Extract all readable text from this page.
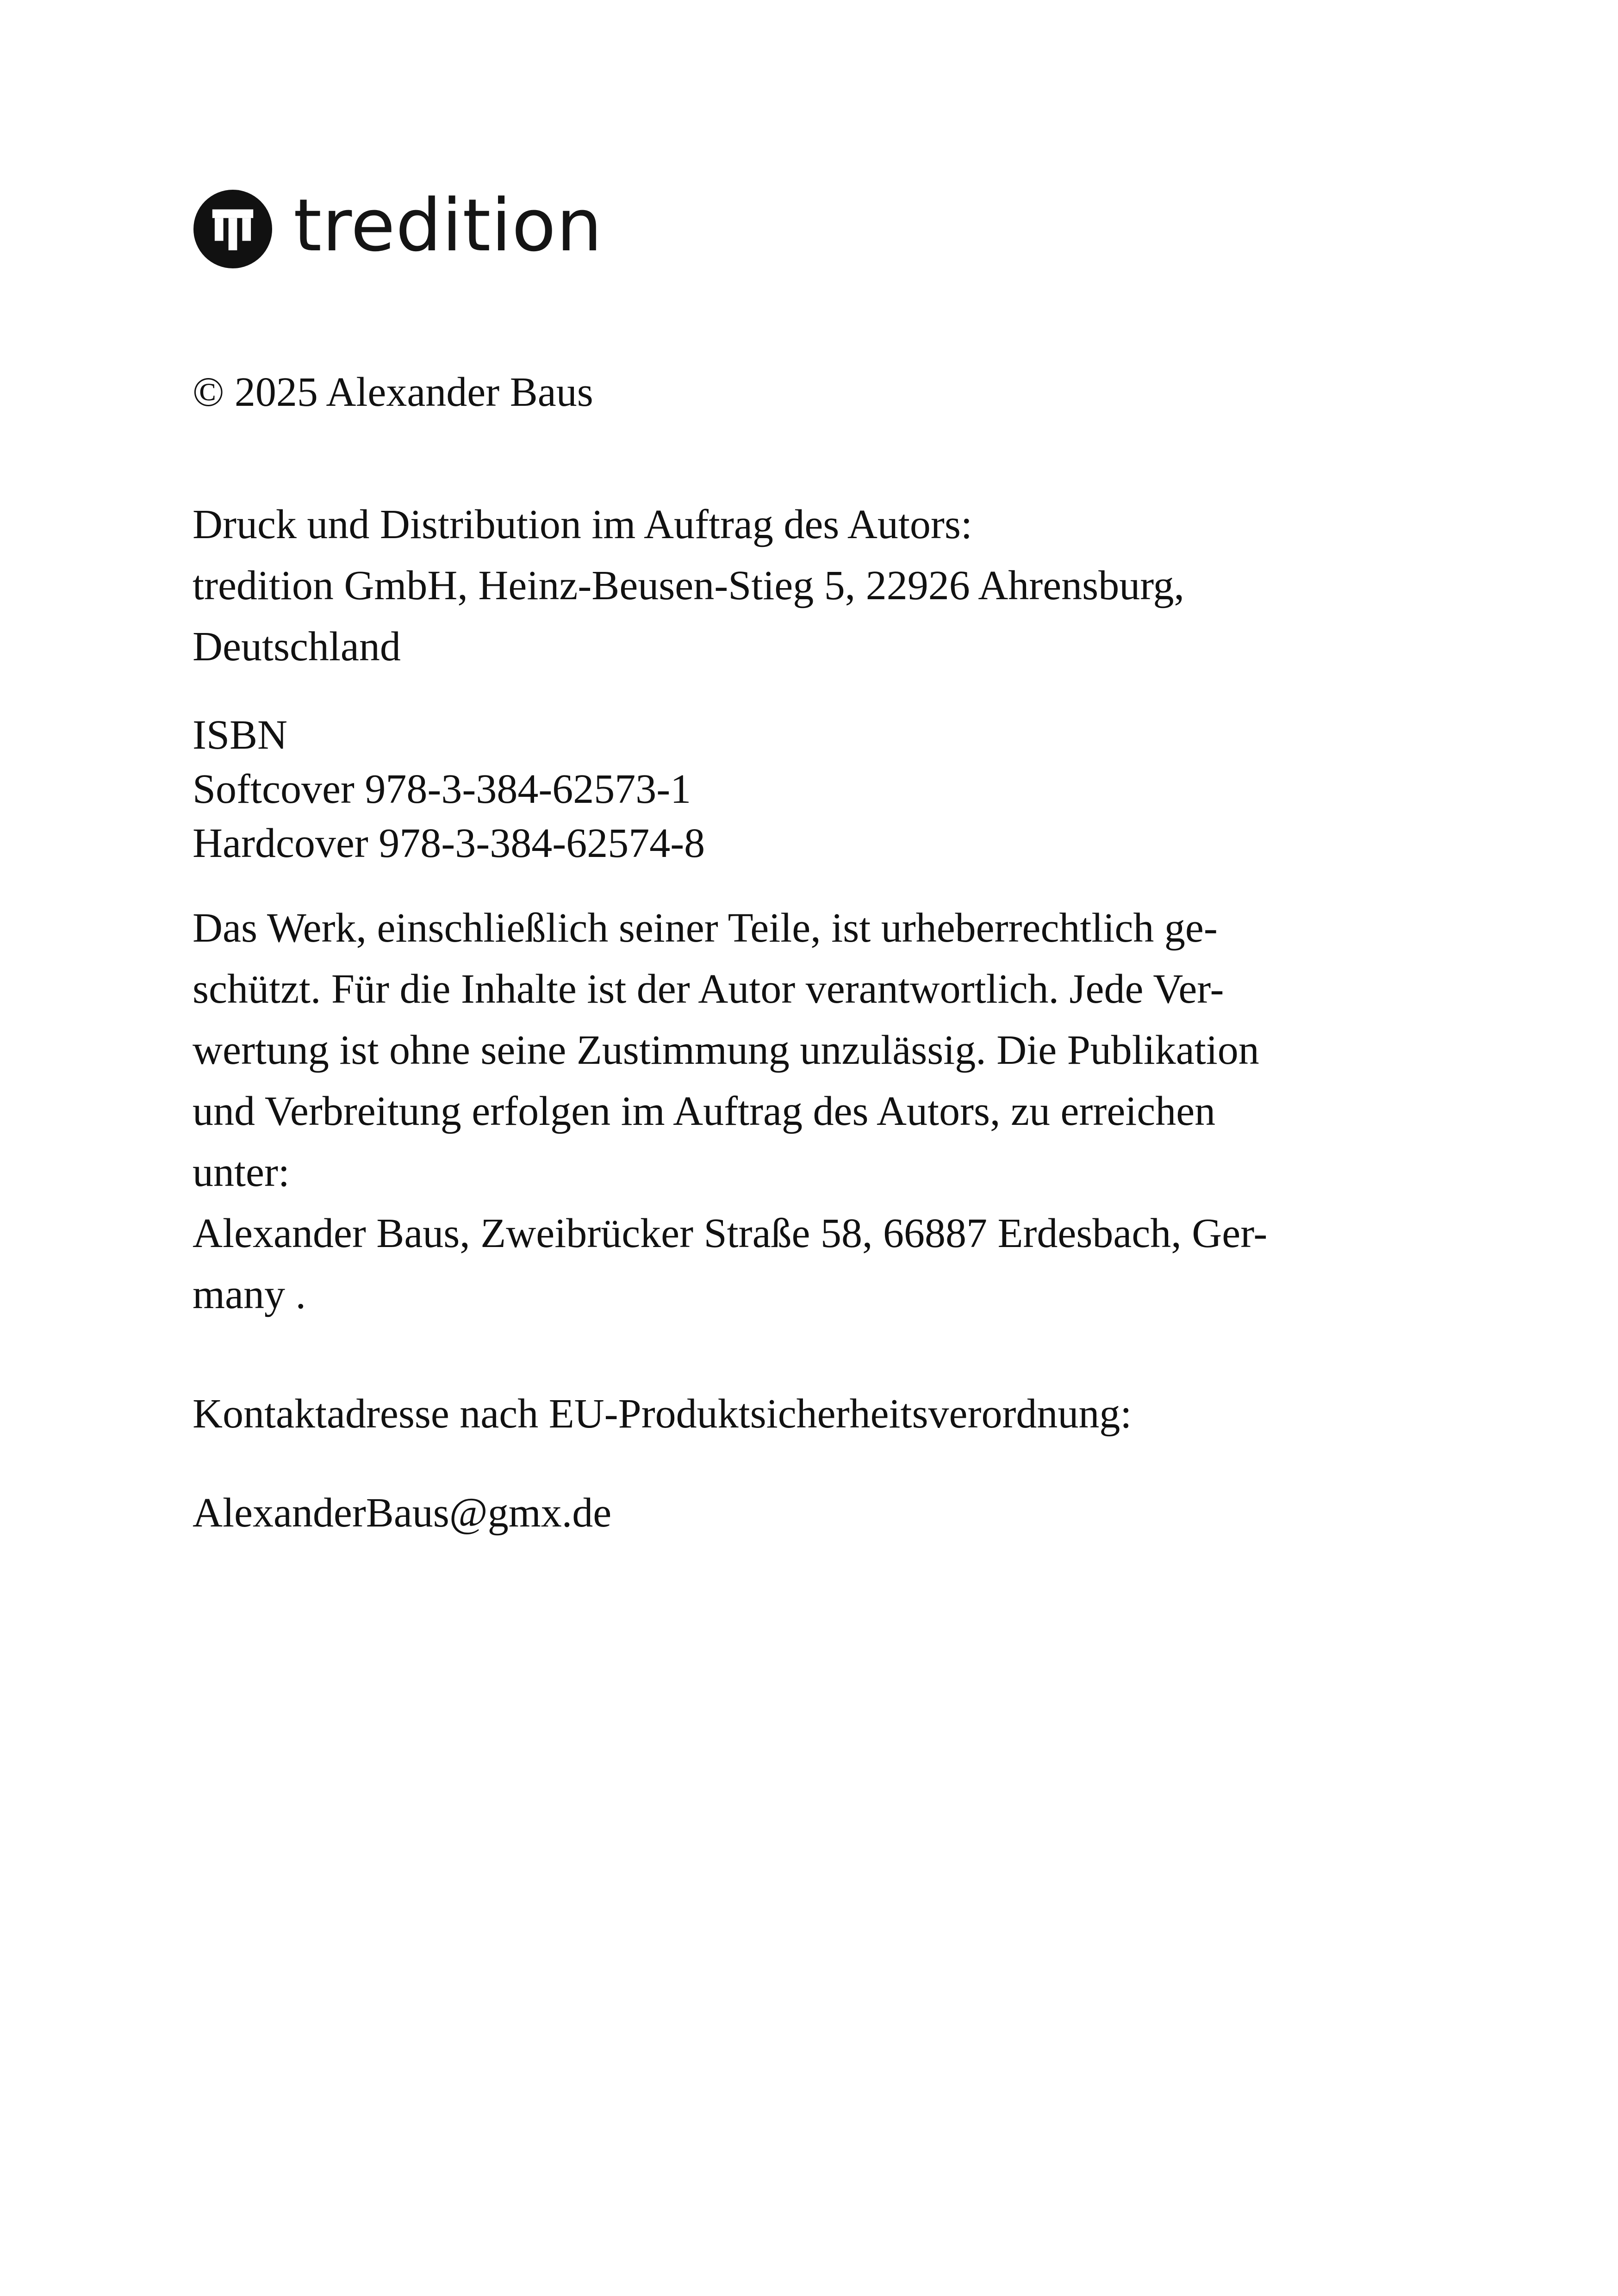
tredition

© 2025 Alexander Baus

Druck und Distribution im Auftrag des Autors:

tredition GmbH, Heinz-Beusen-Stieg 5, 22926 Ahrensburg,

Deutschland

ISBN

Softcover 978-3-384-62573-1

Hardcover 978-3-384-62574-8

Das Werk, einschließlich seiner Teile, ist urheberrechtlich ge-

schützt. Für die Inhalte ist der Autor verantwortlich. Jede Ver-

wertung ist ohne seine Zustimmung unzulässig. Die Publikation

und Verbreitung erfolgen im Auftrag des Autors, zu erreichen

unter:

Alexander Baus, Zweibrücker Straße 58, 66887 Erdesbach, Ger-

many .

Kontaktadresse nach EU-Produktsicherheitsverordnung:

AlexanderBaus@gmx.de
